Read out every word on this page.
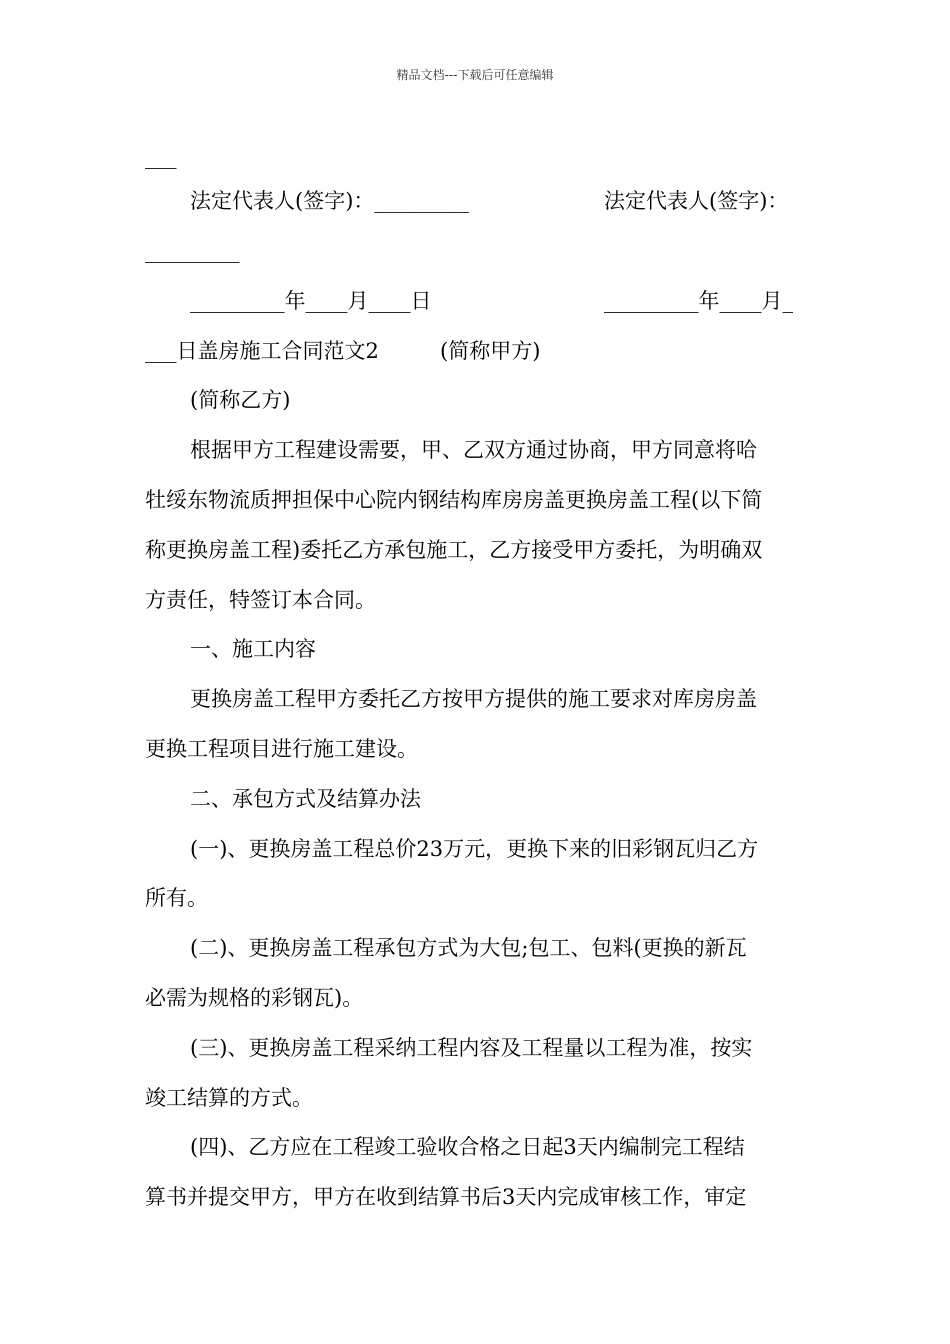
精品文档---下载后可任意编辑
___
法定代表人(签字)：_________	法定代表人(签字)：
_________
_________年____月____日	_________年____月_
___日盖房施工合同范文2	(简称甲方)
(简称乙方)
根据甲方工程建设需要，甲、乙双方通过协商，甲方同意将哈
牡绥东物流质押担保中心院内钢结构库房房盖更换房盖工程(以下简
称更换房盖工程)委托乙方承包施工，乙方接受甲方委托，为明确双
方责任，特签订本合同。
一、施工内容
更换房盖工程甲方委托乙方按甲方提供的施工要求对库房房盖
更换工程项目进行施工建设。
二、承包方式及结算办法
(一)、更换房盖工程总价23万元，更换下来的旧彩钢瓦归乙方
所有。
(二)、更换房盖工程承包方式为大包;包工、包料(更换的新瓦
必需为规格的彩钢瓦)。
(三)、更换房盖工程采纳工程内容及工程量以工程为准，按实
竣工结算的方式。
(四)、乙方应在工程竣工验收合格之日起3天内编制完工程结
算书并提交甲方，甲方在收到结算书后3天内完成审核工作，审定
